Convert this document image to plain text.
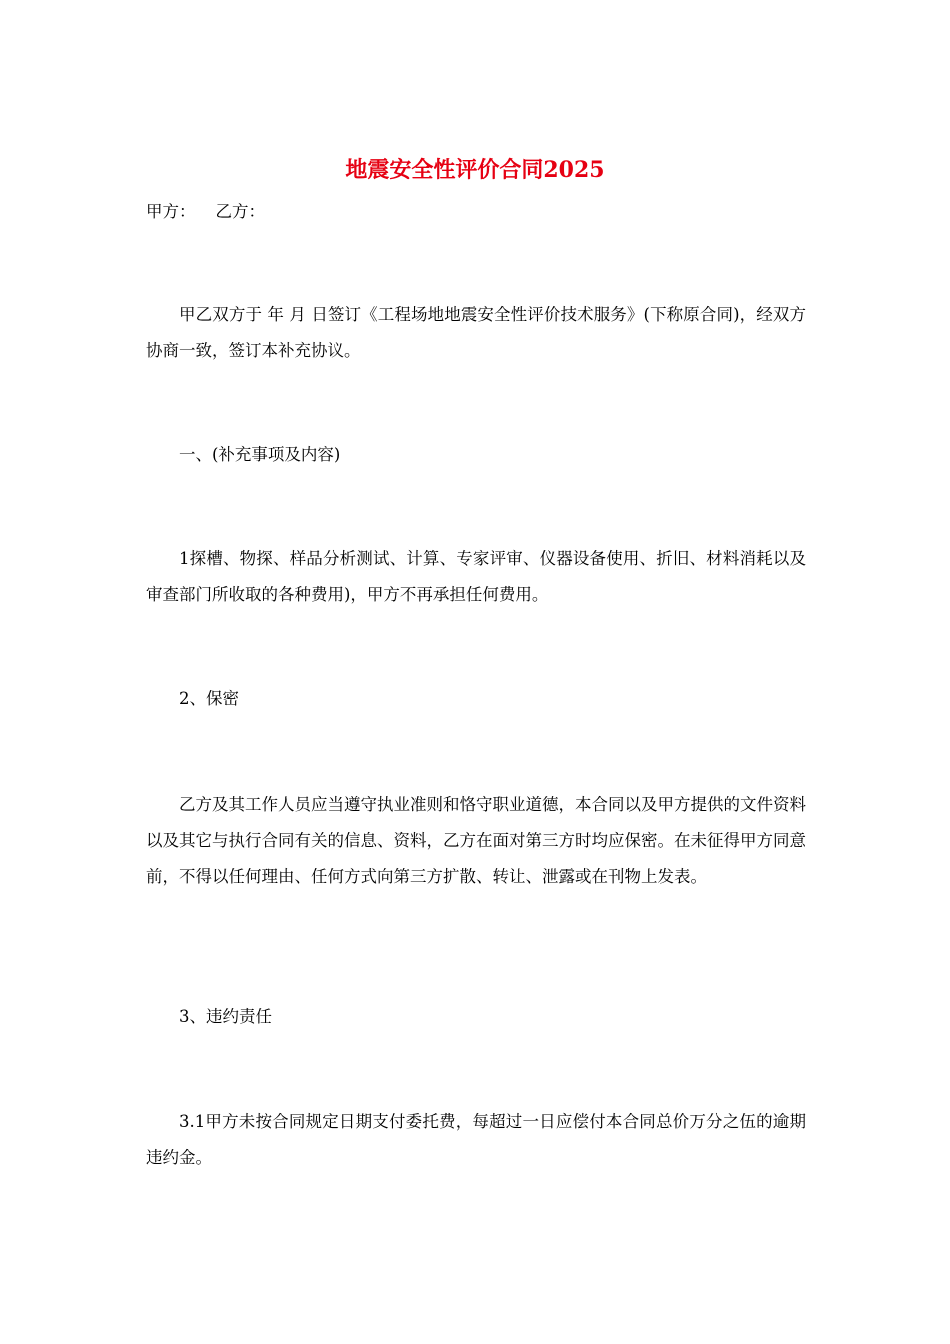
地震安全性评价合同2025
甲方： 乙方：

甲乙双方于 年 月 日签订《工程场地地震安全性评价技术服务》(下称原合同)，经双方协商一致，签订本补充协议。

一、(补充事项及内容)

1探槽、物探、样品分析测试、计算、专家评审、仪器设备使用、折旧、材料消耗以及审查部门所收取的各种费用)，甲方不再承担任何费用。

2、保密

乙方及其工作人员应当遵守执业准则和恪守职业道德，本合同以及甲方提供的文件资料以及其它与执行合同有关的信息、资料，乙方在面对第三方时均应保密。在未征得甲方同意前，不得以任何理由、任何方式向第三方扩散、转让、泄露或在刊物上发表。

3、违约责任

3.1甲方未按合同规定日期支付委托费，每超过一日应偿付本合同总价万分之伍的逾期违约金。
